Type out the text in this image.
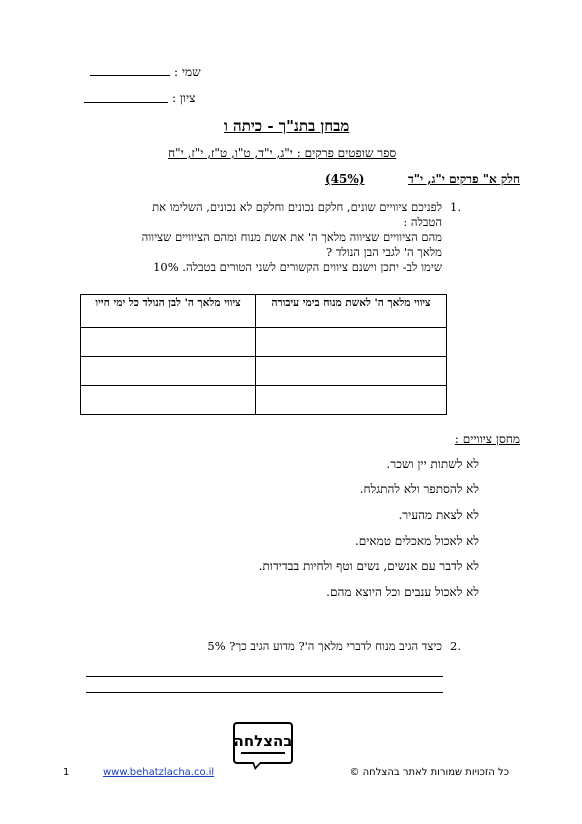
שמי :
ציון :
מבחן בתנ"ך - כיתה ו
ספר שופטים פרקים : י"ג, י"ד, ט"ו, ט"ז, י"ז, י"ח
חלק א" פרקים י"ג, י"ד
(45%)
1.
לפניכם ציוויים שונים, חלקם נכונים וחלקם לא נכונים, השלימו את
הטבלה :
מהם הציוויים שציווה מלאך ה' את אשת מנוח ומהם הציוויים שציווה
מלאך ה' לגבי הבן הנולד ?
שימו לב- יתכן וישנם ציווים הקשורים לשני הטורים בטבלה. 10%
ציווי מלאך ה' לבן הנולד כל ימי חייו	ציווי מלאך ה' לאשת מנוח בימי עיבורה

מחסן ציוויים :
לא לשתות יין ושכר.
לא להסתפר ולא להתגלח.
לא לצאת מהעיר.
לא לאכול מאכלים טמאים.
לא לדבר עם אנשים, נשים וטף ולחיות בבדידות.
לא לאכול ענבים וכל היוצא מהם.
2.
כיצד הגיב מנוח לדברי מלאך ה'? מדוע הגיב כך? 5%
בהצלחה
1	www.behatzlacha.co.il	כל הזכויות שמורות לאתר בהצלחה ©
